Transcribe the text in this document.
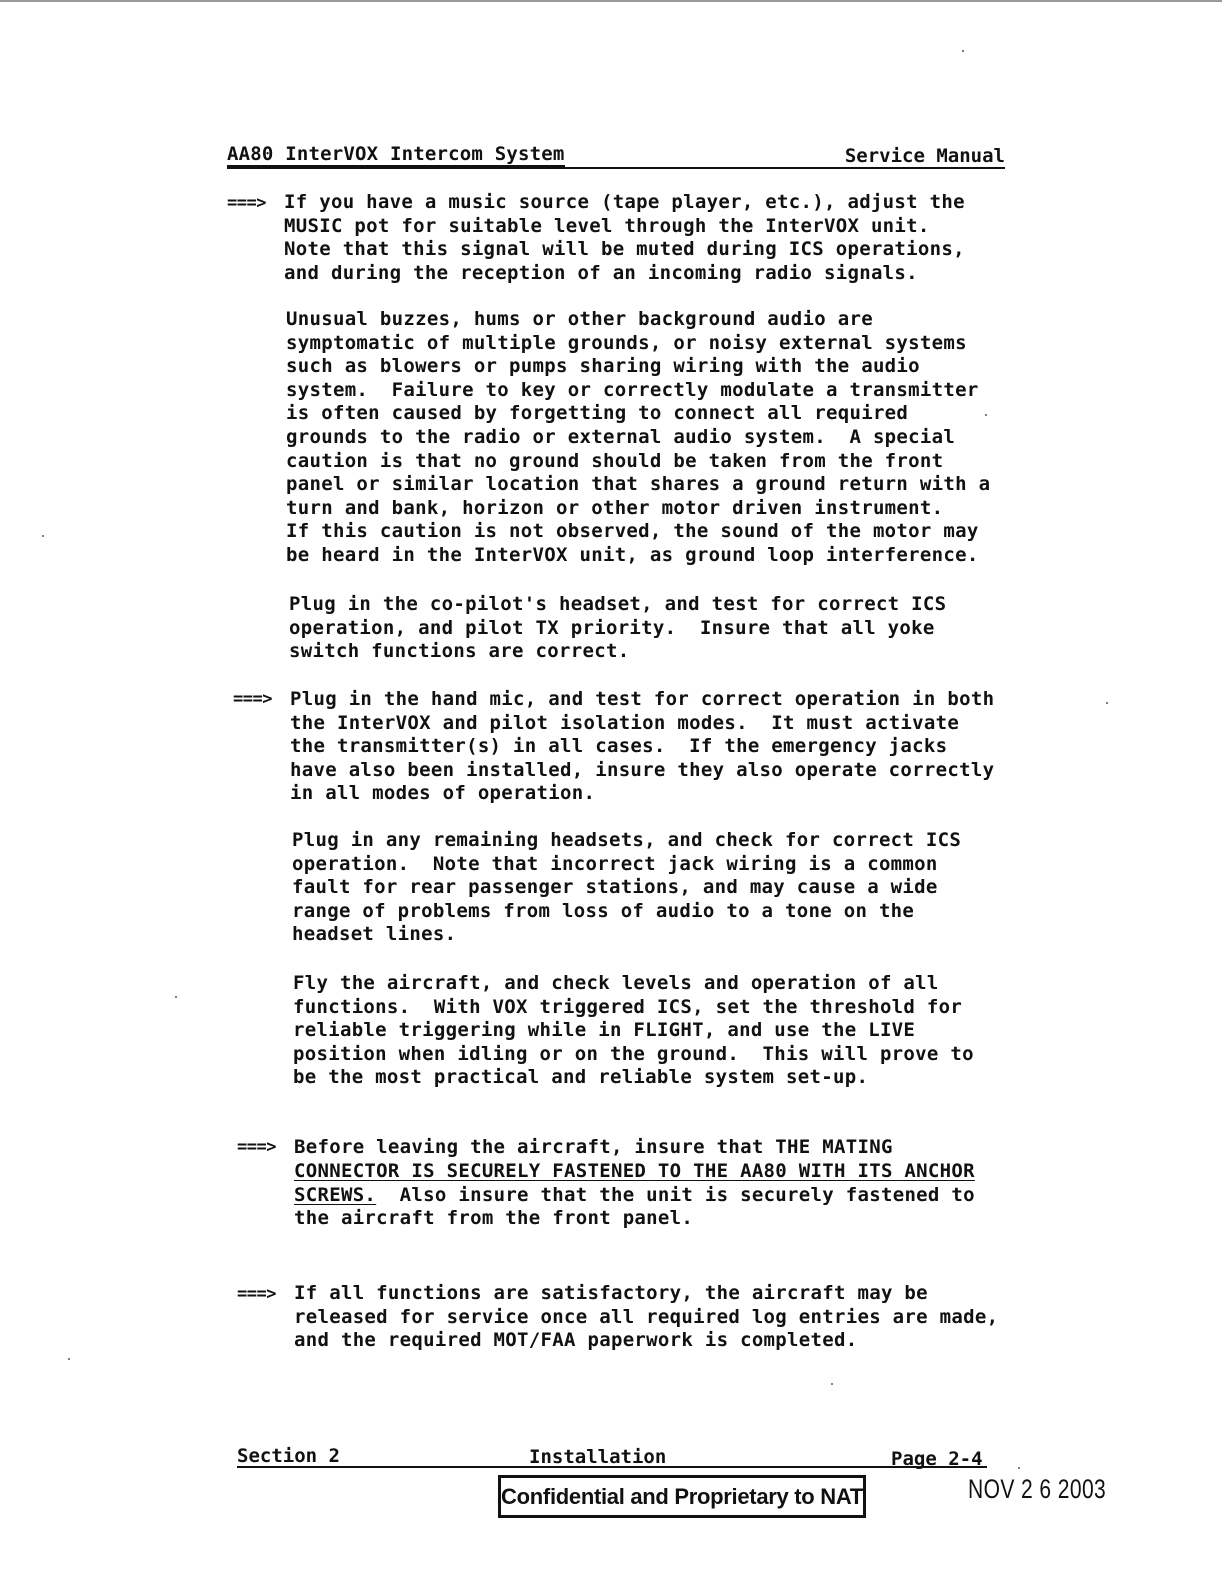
AA80 InterVOX Intercom System	Service Manual
===> If you have a music source (tape player, etc.), adjust the
MUSIC pot for suitable level through the InterVOX unit.
Note that this signal will be muted during ICS operations,
and during the reception of an incoming radio signals.
Unusual buzzes, hums or other background audio are
symptomatic of multiple grounds, or noisy external systems
such as blowers or pumps sharing wiring with the audio
system.  Failure to key or correctly modulate a transmitter
is often caused by forgetting to connect all required
grounds to the radio or external audio system.  A special
caution is that no ground should be taken from the front
panel or similar location that shares a ground return with a
turn and bank, horizon or other motor driven instrument.
If this caution is not observed, the sound of the motor may
be heard in the InterVOX unit, as ground loop interference.
Plug in the co-pilot's headset, and test for correct ICS
operation, and pilot TX priority.  Insure that all yoke
switch functions are correct.
===> Plug in the hand mic, and test for correct operation in both
the InterVOX and pilot isolation modes.  It must activate
the transmitter(s) in all cases.  If the emergency jacks
have also been installed, insure they also operate correctly
in all modes of operation.
Plug in any remaining headsets, and check for correct ICS
operation.  Note that incorrect jack wiring is a common
fault for rear passenger stations, and may cause a wide
range of problems from loss of audio to a tone on the
headset lines.
Fly the aircraft, and check levels and operation of all
functions.  With VOX triggered ICS, set the threshold for
reliable triggering while in FLIGHT, and use the LIVE
position when idling or on the ground.  This will prove to
be the most practical and reliable system set-up.
===> Before leaving the aircraft, insure that THE MATING
CONNECTOR IS SECURELY FASTENED TO THE AA80 WITH ITS ANCHOR
SCREWS.  Also insure that the unit is securely fastened to
the aircraft from the front panel.
===> If all functions are satisfactory, the aircraft may be
released for service once all required log entries are made,
and the required MOT/FAA paperwork is completed.
Section 2	Installation	Page 2-4
Confidential and Proprietary to NAT	NOV 2 6 2003
